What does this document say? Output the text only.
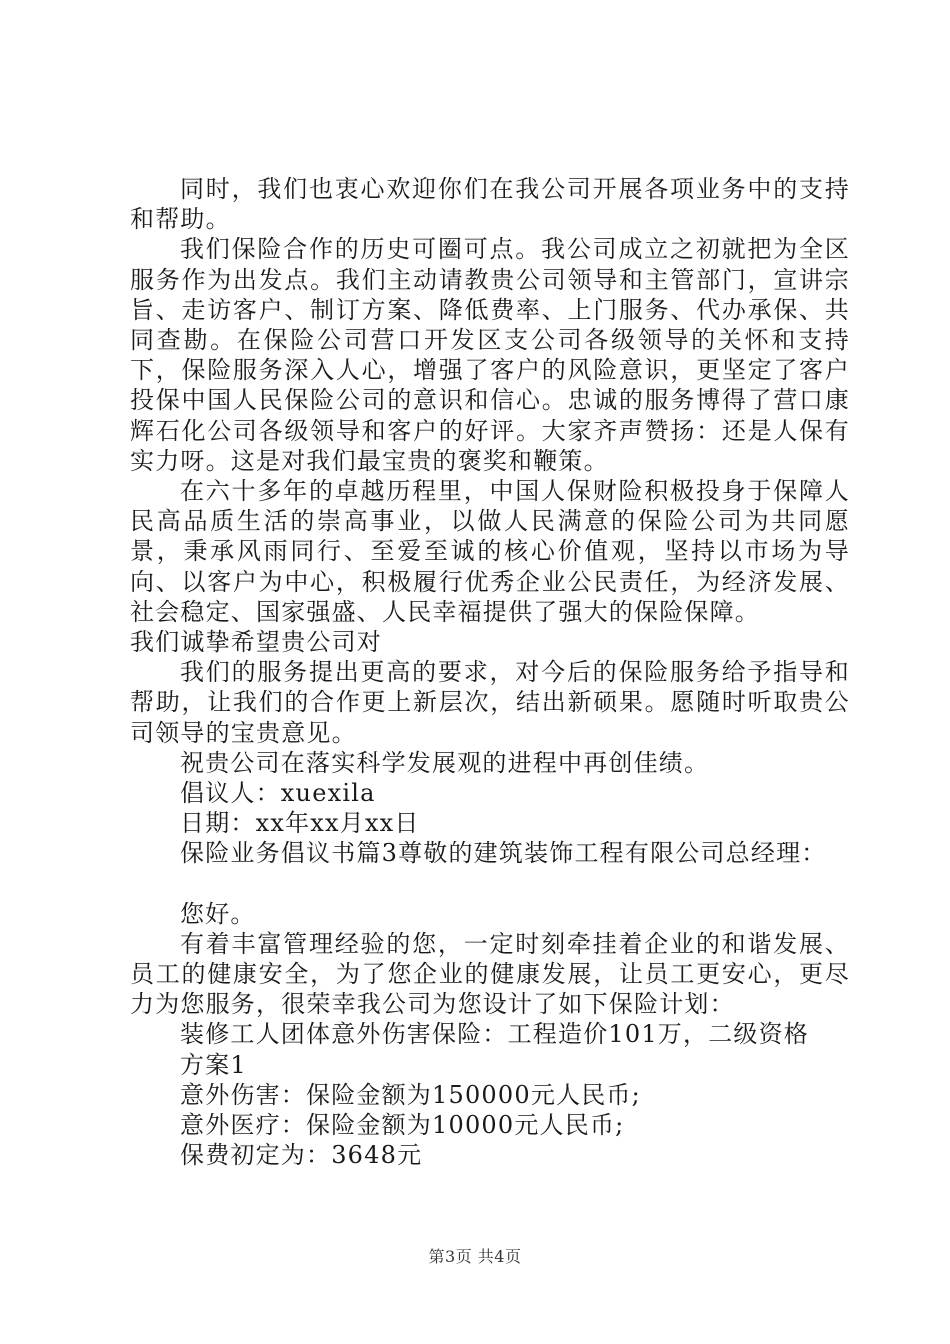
同时，我们也衷心欢迎你们在我公司开展各项业务中的支持和帮助。

我们保险合作的历史可圈可点。我公司成立之初就把为全区服务作为出发点。我们主动请教贵公司领导和主管部门，宣讲宗旨、走访客户、制订方案、降低费率、上门服务、代办承保、共同查勘。在保险公司营口开发区支公司各级领导的关怀和支持下，保险服务深入人心，增强了客户的风险意识，更坚定了客户投保中国人民保险公司的意识和信心。忠诚的服务博得了营口康辉石化公司各级领导和客户的好评。大家齐声赞扬：还是人保有实力呀。这是对我们最宝贵的褒奖和鞭策。

在六十多年的卓越历程里，中国人保财险积极投身于保障人民高品质生活的崇高事业，以做人民满意的保险公司为共同愿景，秉承风雨同行、至爱至诚的核心价值观，坚持以市场为导向、以客户为中心，积极履行优秀企业公民责任，为经济发展、社会稳定、国家强盛、人民幸福提供了强大的保险保障。

我们诚挚希望贵公司对

我们的服务提出更高的要求，对今后的保险服务给予指导和帮助，让我们的合作更上新层次，结出新硕果。愿随时听取贵公司领导的宝贵意见。

祝贵公司在落实科学发展观的进程中再创佳绩。

倡议人：xuexila

日期：xx年xx月xx日

保险业务倡议书篇3尊敬的建筑装饰工程有限公司总经理：

您好。

有着丰富管理经验的您，一定时刻牵挂着企业的和谐发展、员工的健康安全，为了您企业的健康发展，让员工更安心，更尽力为您服务，很荣幸我公司为您设计了如下保险计划：

装修工人团体意外伤害保险：工程造价101万，二级资格

方案1

意外伤害：保险金额为150000元人民币;

意外医疗：保险金额为10000元人民币;

保费初定为：3648元

第3页 共4页
